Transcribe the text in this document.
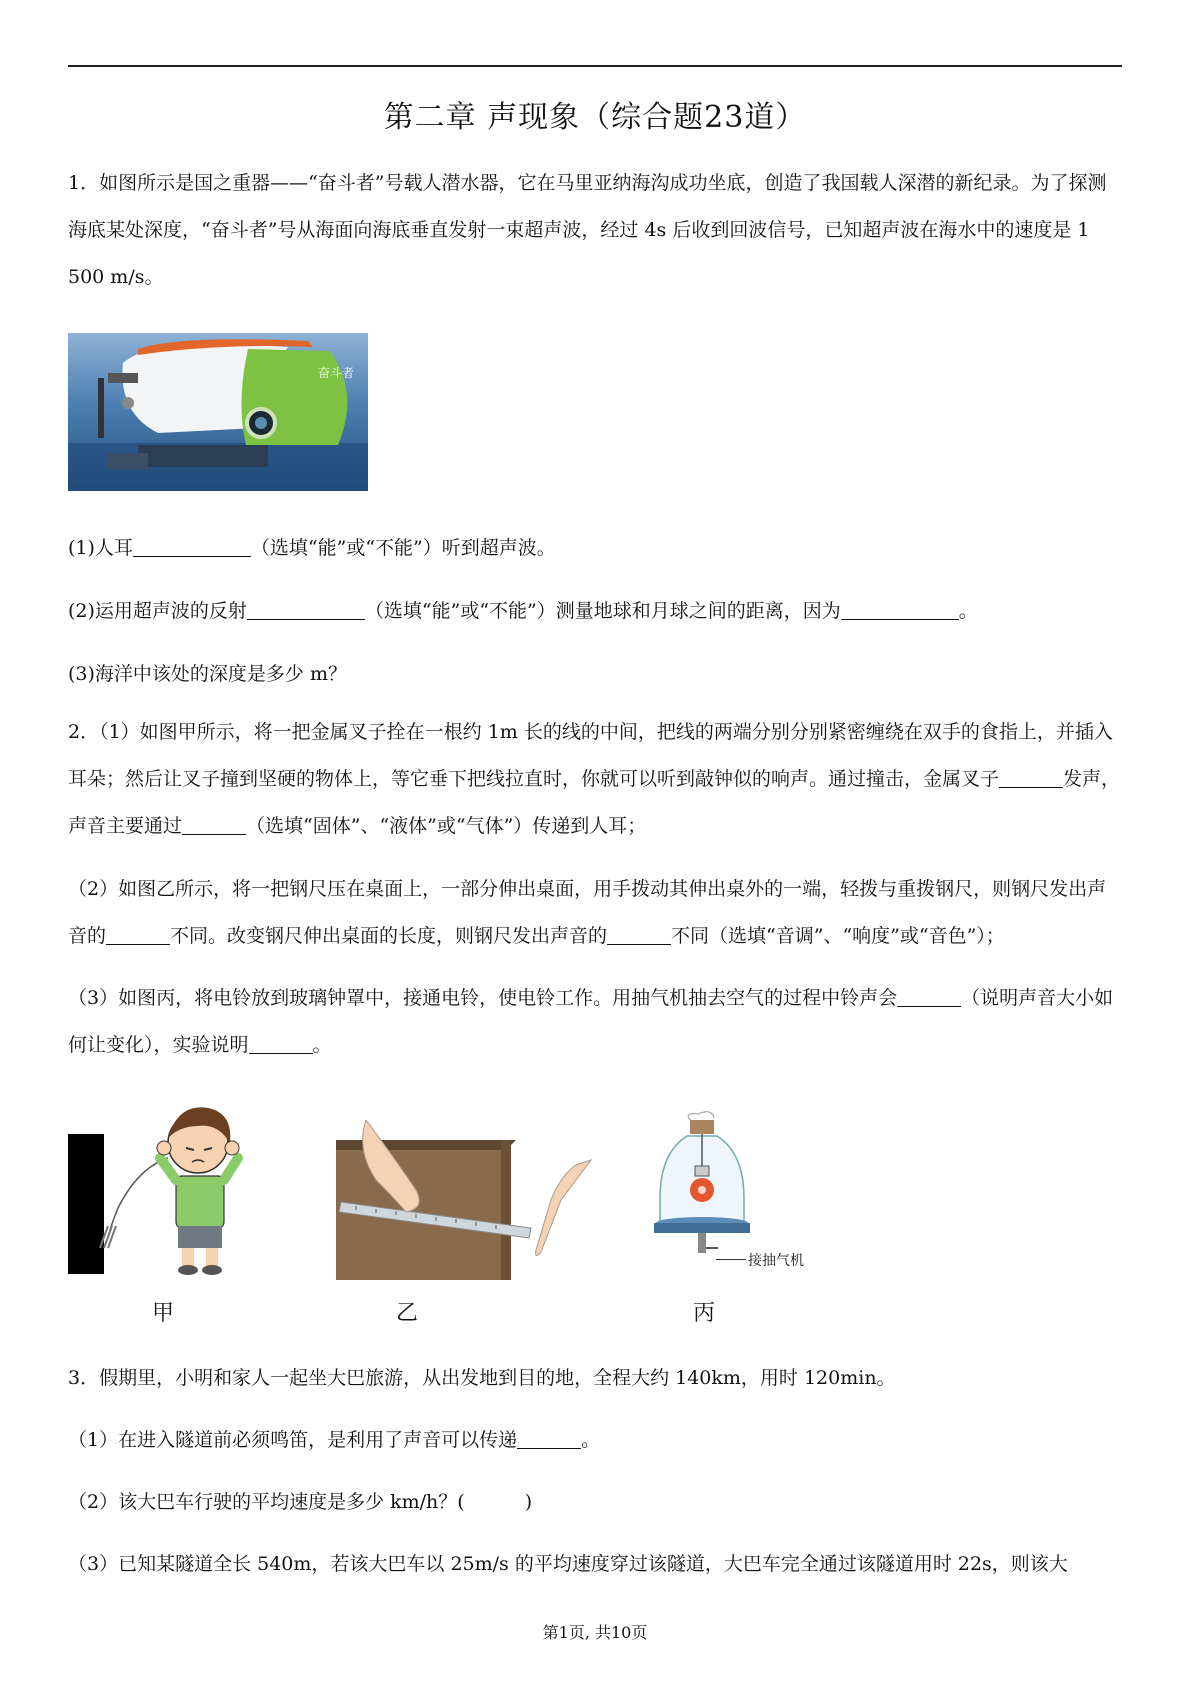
第二章 声现象（综合题23道）
1．如图所示是国之重器——“奋斗者”号载人潜水器，它在马里亚纳海沟成功坐底，创造了我国载人深潜的新纪录。为了探测海底某处深度，“奋斗者”号从海面向海底垂直发射一束超声波，经过 4s 后收到回波信号，已知超声波在海水中的速度是 1 500 m/s。
奋斗者
(1)人耳	（选填“能”或“不能”）听到超声波。
(2)运用超声波的反射	（选填“能”或“不能”）测量地球和月球之间的距离，因为	。
(3)海洋中该处的深度是多少 m？
2．（1）如图甲所示，将一把金属叉子拴在一根约 1m 长的线的中间，把线的两端分别分别紧密缠绕在双手的食指上，并插入耳朵；然后让叉子撞到坚硬的物体上，等它垂下把线拉直时，你就可以听到敲钟似的响声。通过撞击，金属叉子	发声，声音主要通过	（选填“固体”、“液体”或“气体”）传递到人耳；
（2）如图乙所示，将一把钢尺压在桌面上，一部分伸出桌面，用手拨动其伸出桌外的一端，轻拨与重拨钢尺，则钢尺发出声音的	不同。改变钢尺伸出桌面的长度，则钢尺发出声音的	不同（选填“音调”、“响度”或“音色”）；
（3）如图丙，将电铃放到玻璃钟罩中，接通电铃，使电铃工作。用抽气机抽去空气的过程中铃声会	（说明声音大小如何让变化），实验说明	。
甲	乙	丙
接抽气机
3．假期里，小明和家人一起坐大巴旅游，从出发地到目的地，全程大约 140km，用时 120min。
（1）在进入隧道前必须鸣笛，是利用了声音可以传递	。
（2）该大巴车行驶的平均速度是多少 km/h？(	)
（3）已知某隧道全长 540m，若该大巴车以 25m/s 的平均速度穿过该隧道，大巴车完全通过该隧道用时 22s，则该大
第1页, 共10页
